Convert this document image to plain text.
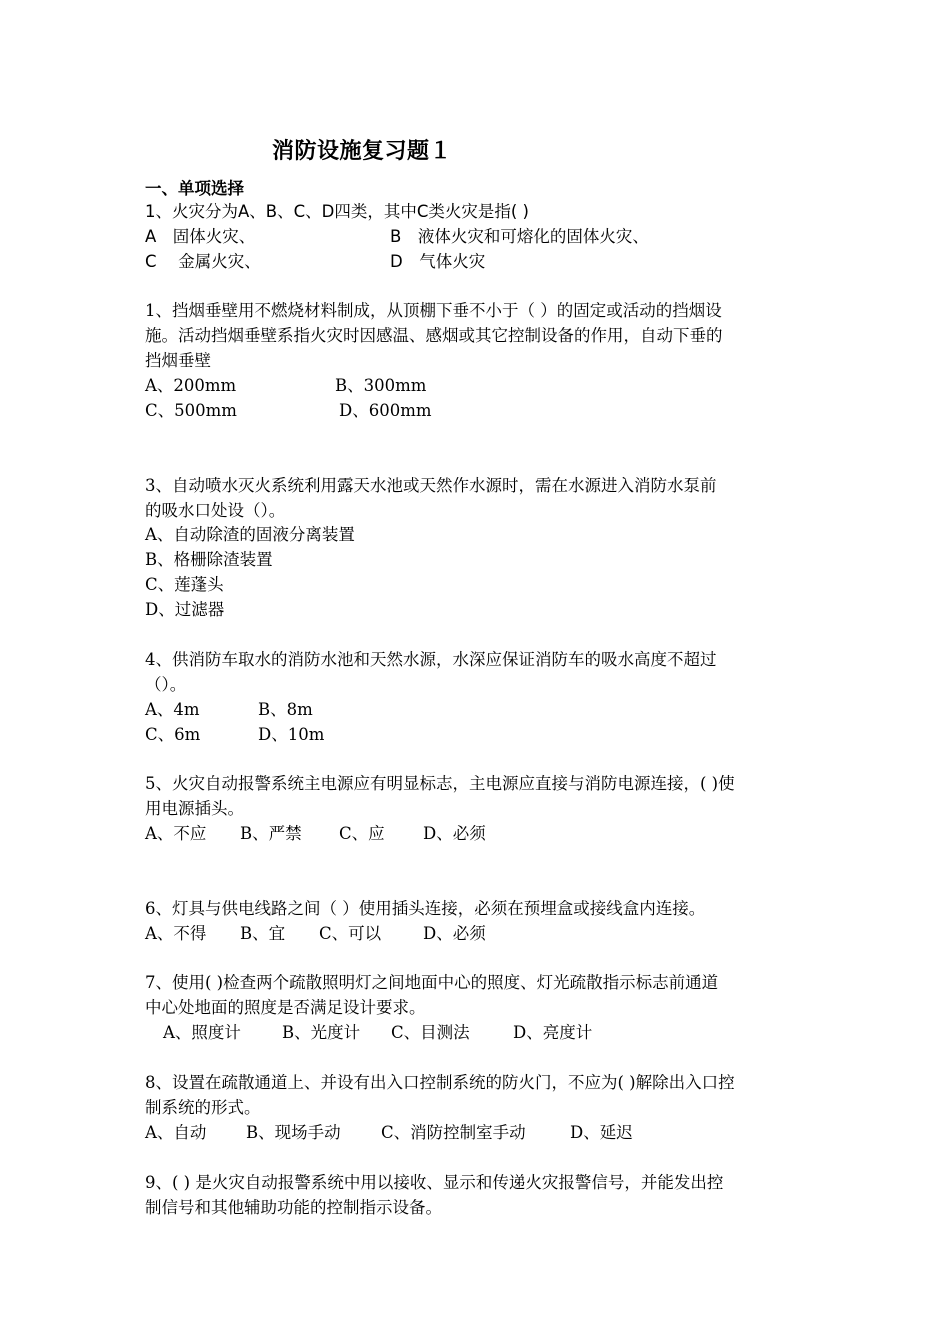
消防设施复习题１
一、单项选择
1、火灾分为A、B、C、D四类，其中C类火灾是指( )
A　固体火灾、	B　液体火灾和可熔化的固体火灾、
C　 金属火灾、	D　气体火灾
1、挡烟垂壁用不燃烧材料制成，从顶棚下垂不小于（ ）的固定或活动的挡烟设
施。活动挡烟垂壁系指火灾时因感温、感烟或其它控制设备的作用，自动下垂的
挡烟垂壁
A、200mm	B、300mm
C、500mm	D、600mm
3、自动喷水灭火系统利用露天水池或天然作水源时，需在水源进入消防水泵前
的吸水口处设（）。
A、自动除渣的固液分离装置
B、格栅除渣装置
C、莲蓬头
D、过滤器
4、供消防车取水的消防水池和天然水源，水深应保证消防车的吸水高度不超过
（）。
A、4m	B、8m
C、6m	D、10m
5、火灾自动报警系统主电源应有明显标志，主电源应直接与消防电源连接，( )使
用电源插头。
A、不应 B、严禁 C、应 D、必须
6、灯具与供电线路之间（ ）使用插头连接，必须在预埋盒或接线盒内连接。
A、不得 B、宜 C、可以	D、必须
7、使用( )检查两个疏散照明灯之间地面中心的照度、灯光疏散指示标志前通道
中心处地面的照度是否满足设计要求。
A、照度计 B、光度计 C、目测法	D、亮度计
8、设置在疏散通道上、并设有出入口控制系统的防火门，不应为( )解除出入口控
制系统的形式。
A、自动 B、现场手动 C、消防控制室手动	D、延迟
9、( ) 是火灾自动报警系统中用以接收、显示和传递火灾报警信号，并能发出控
制信号和其他辅助功能的控制指示设备。
